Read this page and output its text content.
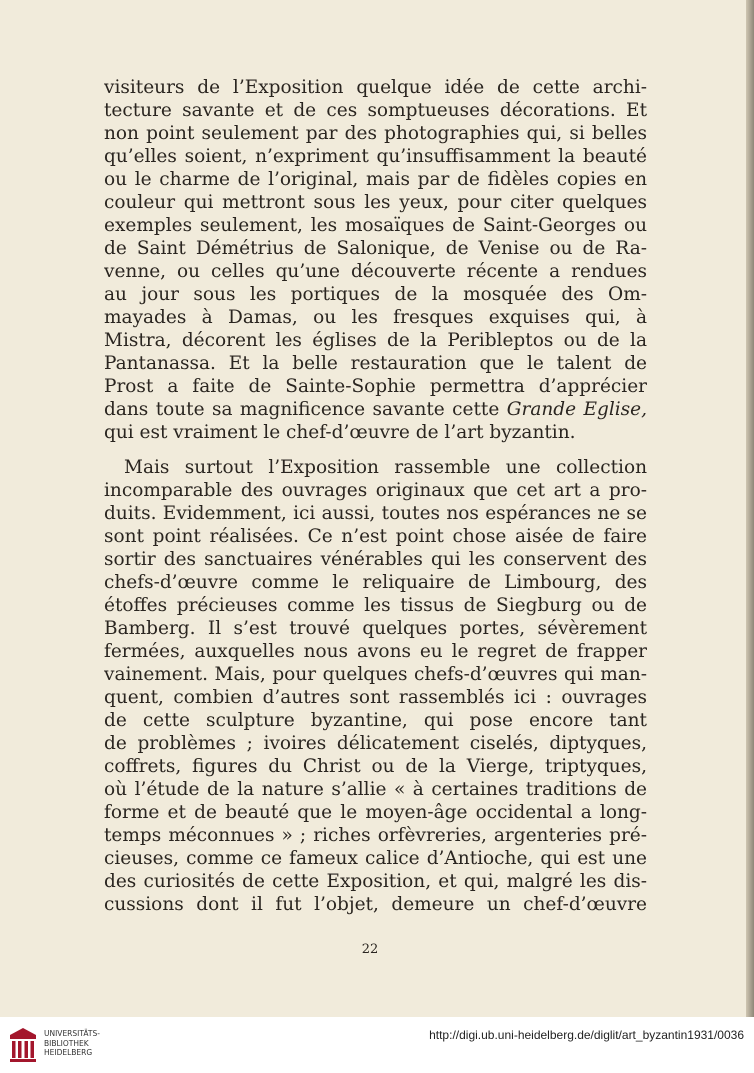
visiteurs de l’Exposition quelque idée de cette archi-

tecture savante et de ces somptueuses décorations. Et

non point seulement par des photographies qui, si belles

qu’elles soient, n’expriment qu’insuffisamment la beauté

ou le charme de l’original, mais par de fidèles copies en

couleur qui mettront sous les yeux, pour citer quelques

exemples seulement, les mosaïques de Saint-Georges ou

de Saint Démétrius de Salonique, de Venise ou de Ra-

venne, ou celles qu’une découverte récente a rendues

au jour sous les portiques de la mosquée des Om-

mayades à Damas, ou les fresques exquises qui, à

Mistra, décorent les églises de la Peribleptos ou de la

Pantanassa. Et la belle restauration que le talent de

Prost a faite de Sainte-Sophie permettra d’apprécier

dans toute sa magnificence savante cette Grande Eglise,

qui est vraiment le chef-d’œuvre de l’art byzantin.

Mais surtout l’Exposition rassemble une collection

incomparable des ouvrages originaux que cet art a pro-

duits. Evidemment, ici aussi, toutes nos espérances ne se

sont point réalisées. Ce n’est point chose aisée de faire

sortir des sanctuaires vénérables qui les conservent des

chefs-d’œuvre comme le reliquaire de Limbourg, des

étoffes précieuses comme les tissus de Siegburg ou de

Bamberg. Il s’est trouvé quelques portes, sévèrement

fermées, auxquelles nous avons eu le regret de frapper

vainement. Mais, pour quelques chefs-d’œuvres qui man-

quent, combien d’autres sont rassemblés ici : ouvrages

de cette sculpture byzantine, qui pose encore tant

de problèmes ; ivoires délicatement ciselés, diptyques,

coffrets, figures du Christ ou de la Vierge, triptyques,

où l’étude de la nature s’allie « à certaines traditions de

forme et de beauté que le moyen-âge occidental a long-

temps méconnues » ; riches orfèvreries, argenteries pré-

cieuses, comme ce fameux calice d’Antioche, qui est une

des curiosités de cette Exposition, et qui, malgré les dis-

cussions dont il fut l’objet, demeure un chef-d’œuvre

22
UNIVERSITÄTS-
BIBLIOTHEK
HEIDELBERG
http://digi.ub.uni-heidelberg.de/diglit/art_byzantin1931/0036
